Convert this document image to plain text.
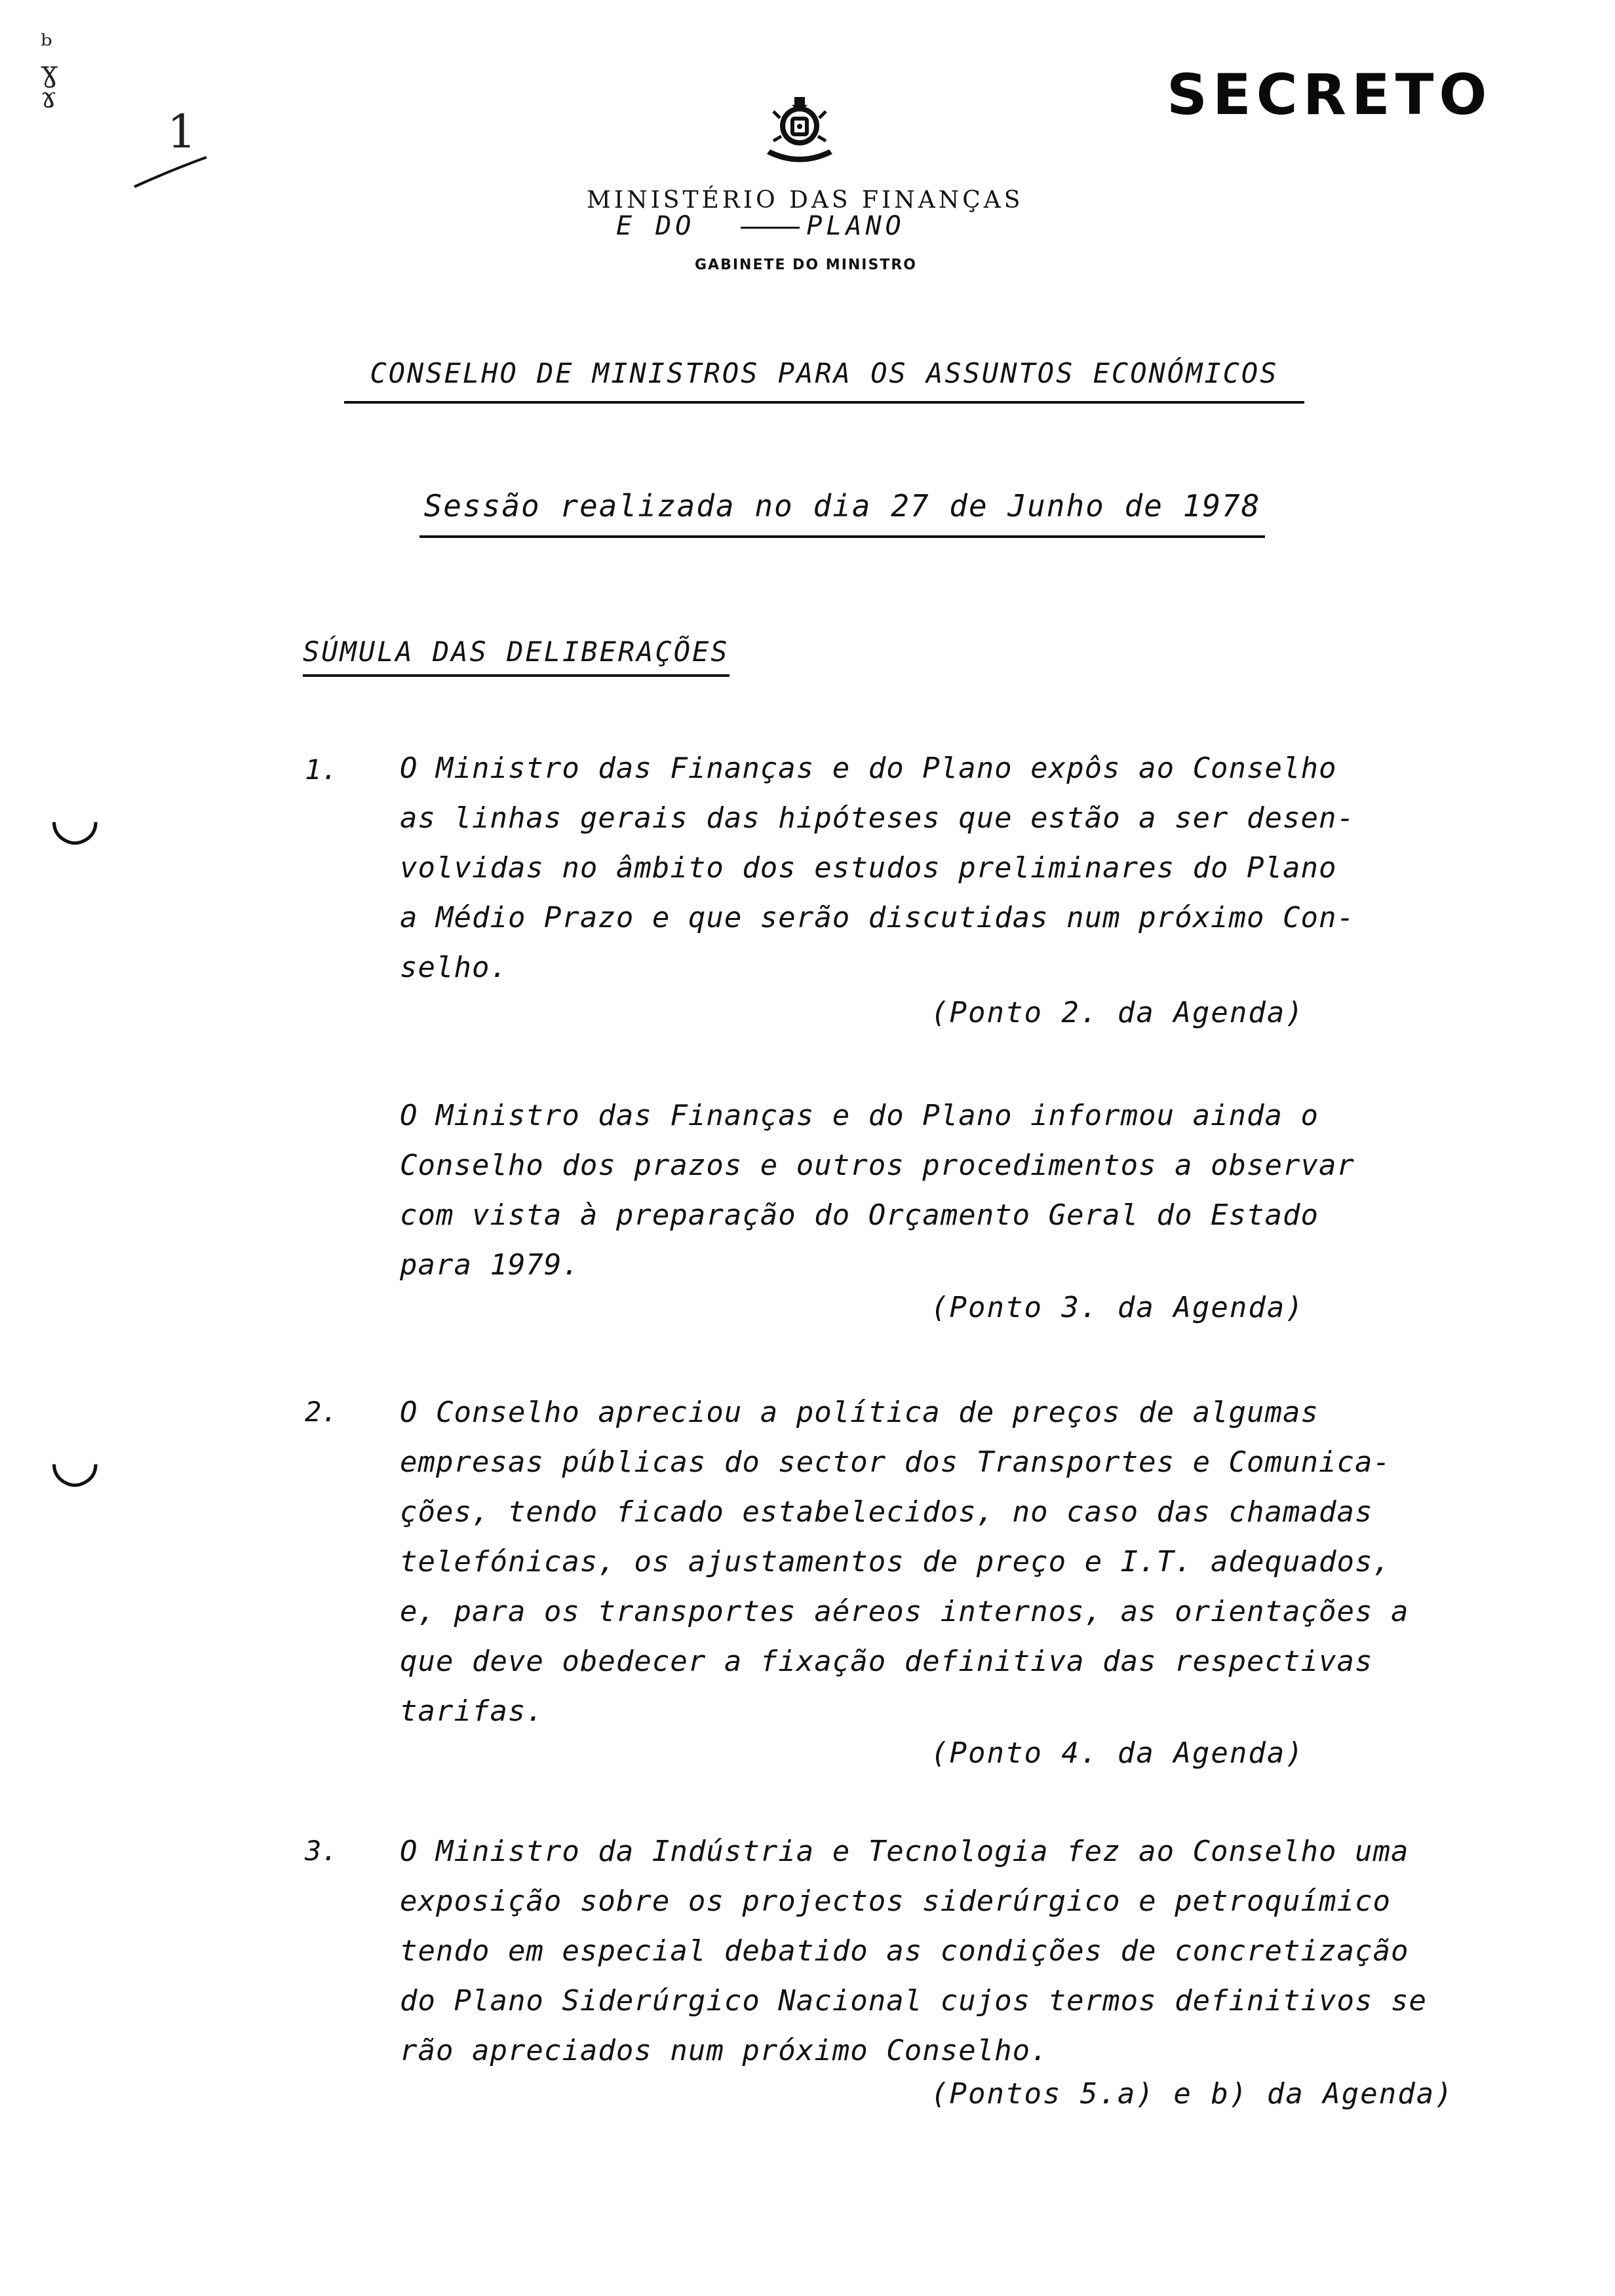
ᵇ
ɣ
ɤ
1
SECRETO
MINISTÉRIO DAS FINANÇAS
E DO	PLANO
GABINETE DO MINISTRO
CONSELHO DE MINISTROS PARA OS ASSUNTOS ECONÓMICOS
Sessão realizada no dia 27 de Junho de 1978
SÚMULA DAS DELIBERAÇÕES
◡
◡
1. O Ministro das Finanças e do Plano expôs ao Conselho
as linhas gerais das hipóteses que estão a ser desen-
volvidas no âmbito dos estudos preliminares do Plano
a Médio Prazo e que serão discutidas num próximo Con-
selho.
(Ponto 2. da Agenda)
O Ministro das Finanças e do Plano informou ainda o
Conselho dos prazos e outros procedimentos a observar
com vista à preparação do Orçamento Geral do Estado
para 1979.
(Ponto 3. da Agenda)
2. O Conselho apreciou a política de preços de algumas
empresas públicas do sector dos Transportes e Comunica-
ções, tendo ficado estabelecidos, no caso das chamadas
telefónicas, os ajustamentos de preço e I.T. adequados,
e, para os transportes aéreos internos, as orientações a
que deve obedecer a fixação definitiva das respectivas
tarifas.
(Ponto 4. da Agenda)
3. O Ministro da Indústria e Tecnologia fez ao Conselho uma
exposição sobre os projectos siderúrgico e petroquímico
tendo em especial debatido as condições de concretização
do Plano Siderúrgico Nacional cujos termos definitivos se
rão apreciados num próximo Conselho.
(Pontos 5.a) e b) da Agenda)
